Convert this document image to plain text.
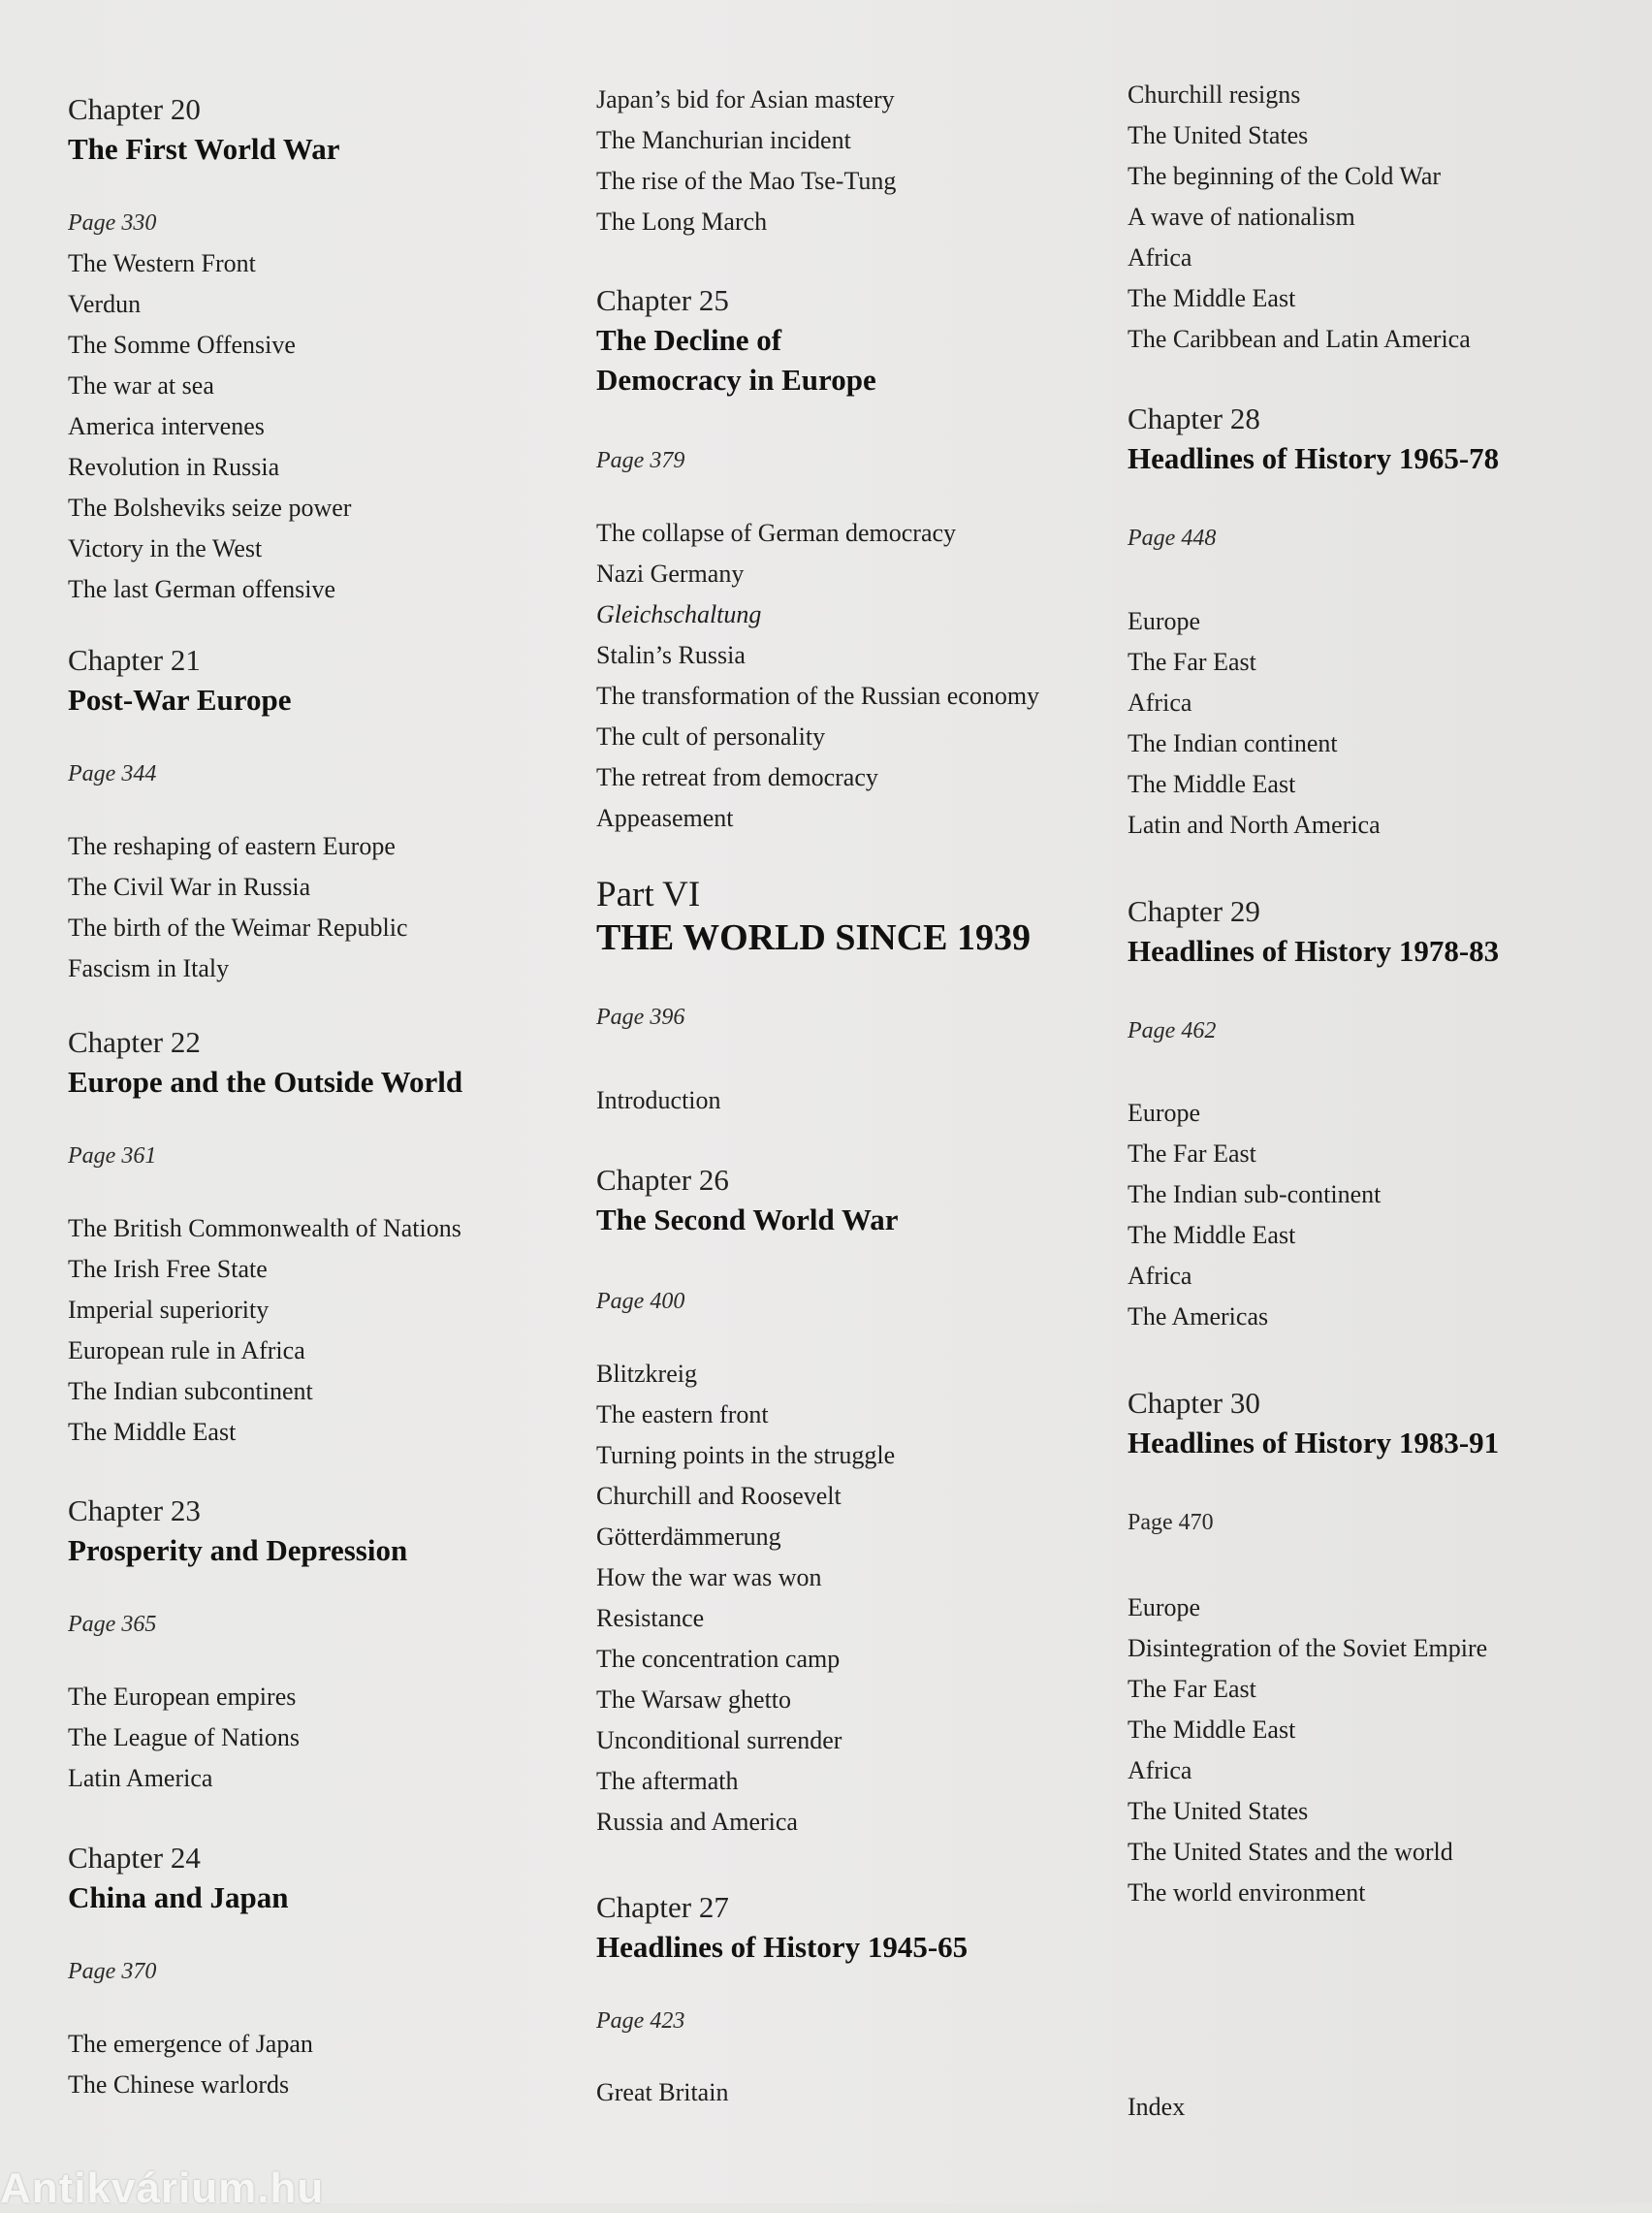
Chapter 20
The First World War
Page 330
The Western Front
Verdun
The Somme Offensive
The war at sea
America intervenes
Revolution in Russia
The Bolsheviks seize power
Victory in the West
The last German offensive
Chapter 21
Post-War Europe
Page 344
The reshaping of eastern Europe
The Civil War in Russia
The birth of the Weimar Republic
Fascism in Italy
Chapter 22
Europe and the Outside World
Page 361
The British Commonwealth of Nations
The Irish Free State
Imperial superiority
European rule in Africa
The Indian subcontinent
The Middle East
Chapter 23
Prosperity and Depression
Page 365
The European empires
The League of Nations
Latin America
Chapter 24
China and Japan
Page 370
The emergence of Japan
The Chinese warlords
Japan’s bid for Asian mastery
The Manchurian incident
The rise of the Mao Tse-Tung
The Long March
Chapter 25
The Decline of
Democracy in Europe
Page 379
The collapse of German democracy
Nazi Germany
Gleichschaltung
Stalin’s Russia
The transformation of the Russian economy
The cult of personality
The retreat from democracy
Appeasement
Part VI
THE WORLD SINCE 1939
Page 396
Introduction
Chapter 26
The Second World War
Page 400
Blitzkreig
The eastern front
Turning points in the struggle
Churchill and Roosevelt
Götterdämmerung
How the war was won
Resistance
The concentration camp
The Warsaw ghetto
Unconditional surrender
The aftermath
Russia and America
Chapter 27
Headlines of History 1945-65
Page 423
Great Britain
Churchill resigns
The United States
The beginning of the Cold War
A wave of nationalism
Africa
The Middle East
The Caribbean and Latin America
Chapter 28
Headlines of History 1965-78
Page 448
Europe
The Far East
Africa
The Indian continent
The Middle East
Latin and North America
Chapter 29
Headlines of History 1978-83
Page 462
Europe
The Far East
The Indian sub-continent
The Middle East
Africa
The Americas
Chapter 30
Headlines of History 1983-91
Page 470
Europe
Disintegration of the Soviet Empire
The Far East
The Middle East
Africa
The United States
The United States and the world
The world environment
Index
Antikvárium.hu
